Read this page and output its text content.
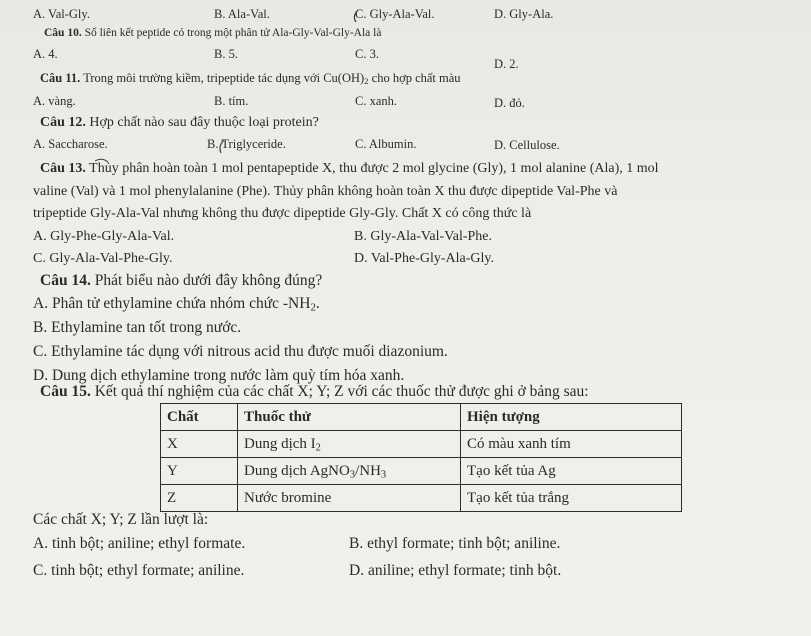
A. Val-Gly.	B. Ala-Val.	C. Gly-Ala-Val.	D. Gly-Ala.
Câu 10. Số liên kết peptide có trong một phân tử Ala-Gly-Val-Gly-Ala là
A. 4.	B. 5.	C. 3.
D. 2.
Câu 11. Trong môi trường kiềm, tripeptide tác dụng với $Cu(OH)_2$ cho hợp chất màu
A. vàng.	B. tím.	C. xanh.	D. đỏ.
Câu 12. Hợp chất nào sau đây thuộc loại protein?
A. Saccharose.	B. Triglyceride.	C. Albumin.	D. Cellulose.
Câu 13. Thủy phân hoàn toàn 1 mol pentapeptide X, thu được 2 mol glycine (Gly), 1 mol alanine (Ala), 1 mol
valine (Val) và 1 mol phenylalanine (Phe). Thủy phân không hoàn toàn X thu được dipeptide Val-Phe và
tripeptide Gly-Ala-Val nhưng không thu được dipeptide Gly-Gly. Chất X có công thức là
A. Gly-Phe-Gly-Ala-Val.	B. Gly-Ala-Val-Val-Phe.
C. Gly-Ala-Val-Phe-Gly.	D. Val-Phe-Gly-Ala-Gly.
Câu 14. Phát biểu nào dưới đây không đúng?
A. Phân tử ethylamine chứa nhóm chức $-NH_2$.
B. Ethylamine tan tốt trong nước.
C. Ethylamine tác dụng với nitrous acid thu được muối diazonium.
D. Dung dịch ethylamine trong nước làm quỳ tím hóa xanh.
Câu 15. Kết quả thí nghiệm của các chất X; Y; Z với các thuốc thử được ghi ở bảng sau:
Chất	Thuốc thử	Hiện tượng
X	Dung dịch $I_2$	Có màu xanh tím
Y	Dung dịch $AgNO_3/NH_3$	Tạo kết tủa Ag
Z	Nước bromine	Tạo kết tủa trắng
Các chất X; Y; Z lần lượt là:
A. tinh bột; aniline; ethyl formate.	B. ethyl formate; tinh bột; aniline.
C. tinh bột; ethyl formate; aniline.	D. aniline; ethyl formate; tinh bột.
